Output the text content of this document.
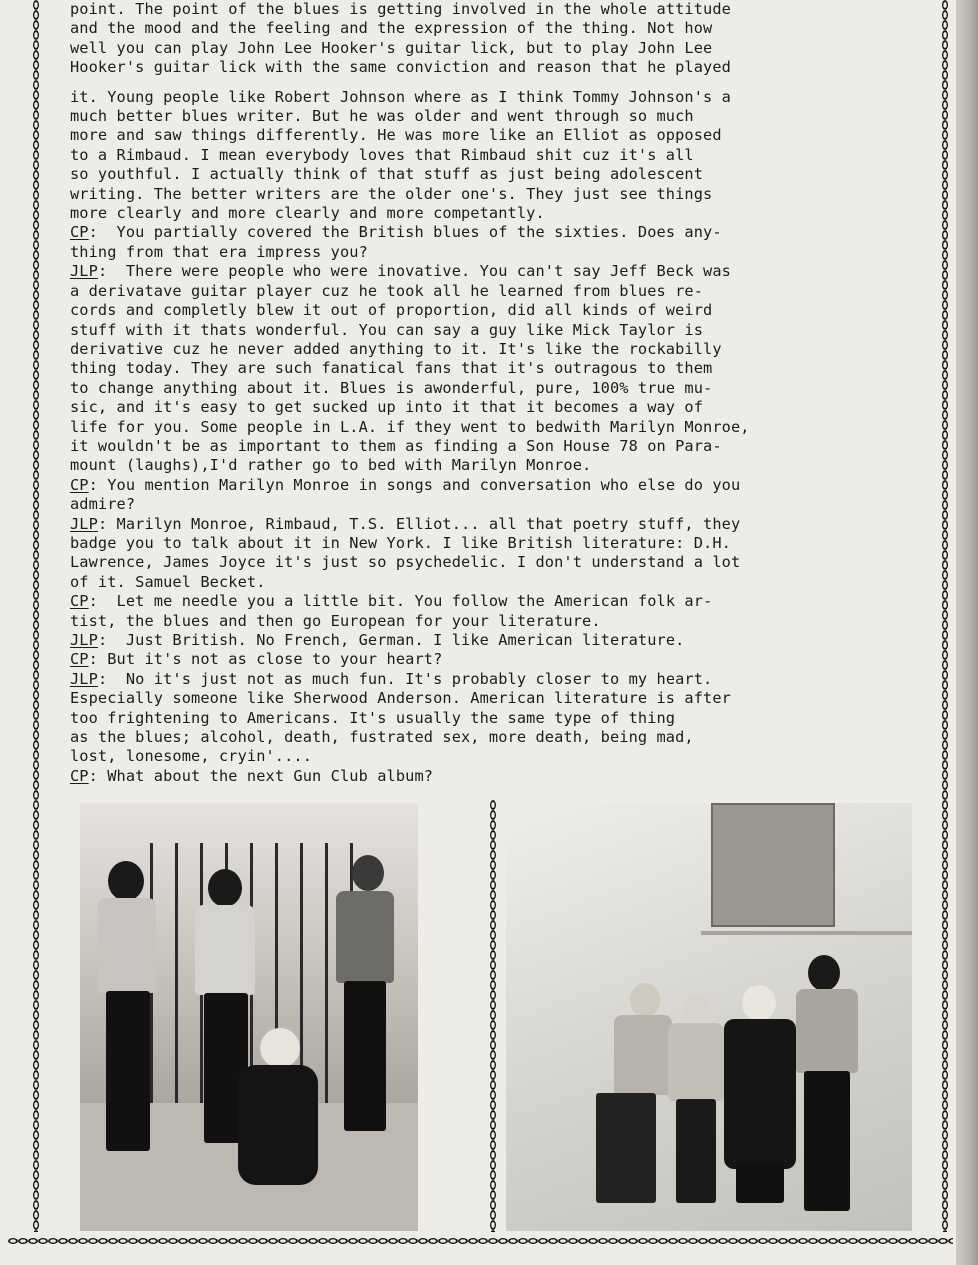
point. The point of the blues is getting involved in the whole attitude

and the mood and the feeling and the expression of the thing. Not how

well you can play John Lee Hooker's guitar lick, but to play John Lee

Hooker's guitar lick with the same conviction and reason that he played

it. Young people like Robert Johnson where as I think Tommy Johnson's a

much better blues writer. But he was older and went through so much

more and saw things differently. He was more like an Elliot as opposed

to a Rimbaud. I mean everybody loves that Rimbaud shit cuz it's all

so youthful. I actually think of that stuff as just being adolescent

writing. The better writers are the older one's. They just see things

more clearly and more clearly and more competantly.

CP:  You partially covered the British blues of the sixties. Does any-

thing from that era impress you?

JLP:  There were people who were inovative. You can't say Jeff Beck was

a derivatave guitar player cuz he took all he learned from blues re-

cords and completly blew it out of proportion, did all kinds of weird

stuff with it thats wonderful. You can say a guy like Mick Taylor is

derivative cuz he never added anything to it. It's like the rockabilly

thing today. They are such fanatical fans that it's outragous to them

to change anything about it. Blues is awonderful, pure, 100% true mu-

sic, and it's easy to get sucked up into it that it becomes a way of

life for you. Some people in L.A. if they went to bedwith Marilyn Monroe,

it wouldn't be as important to them as finding a Son House 78 on Para-

mount (laughs),I'd rather go to bed with Marilyn Monroe.

CP: You mention Marilyn Monroe in songs and conversation who else do you

admire?

JLP: Marilyn Monroe, Rimbaud, T.S. Elliot... all that poetry stuff, they

badge you to talk about it in New York. I like British literature: D.H.

Lawrence, James Joyce it's just so psychedelic. I don't understand a lot

of it. Samuel Becket.

CP:  Let me needle you a little bit. You follow the American folk ar-

tist, the blues and then go European for your literature.

JLP:  Just British. No French, German. I like American literature.

CP: But it's not as close to your heart?

JLP:  No it's just not as much fun. It's probably closer to my heart.

Especially someone like Sherwood Anderson. American literature is after

too frightening to Americans. It's usually the same type of thing

as the blues; alcohol, death, fustrated sex, more death, being mad,

lost, lonesome, cryin'....

CP: What about the next Gun Club album?
